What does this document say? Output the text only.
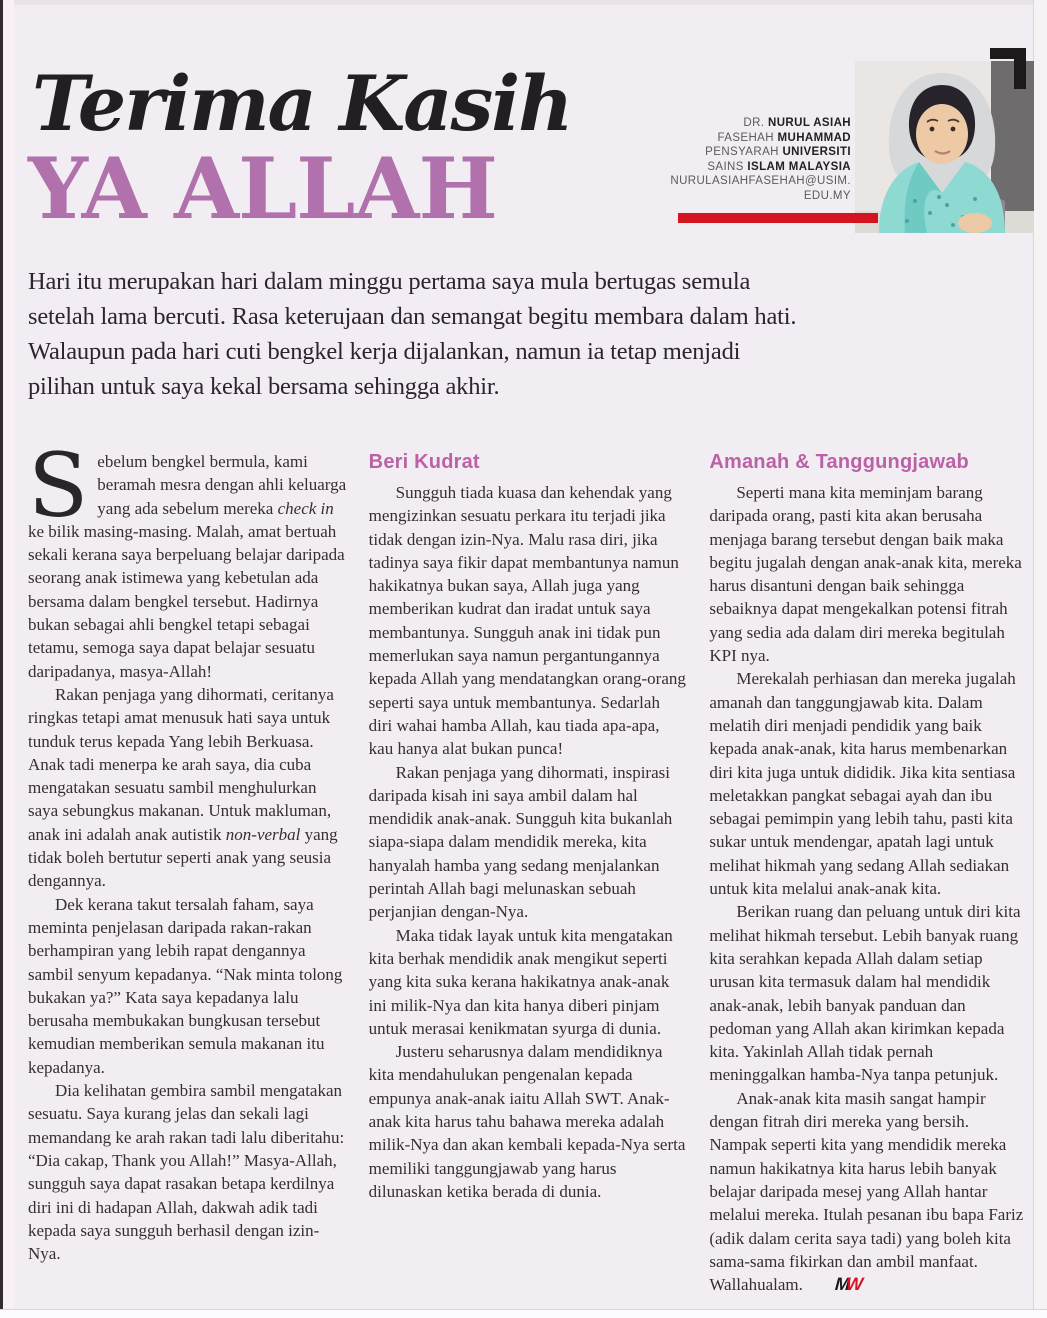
Terima Kasih
YA ALLAH
DR. NURUL ASIAH
FASEHAH MUHAMMAD
PENSYARAH UNIVERSITI
SAINS ISLAM MALAYSIA
NURULASIAHFASEHAH@USIM.
EDU.MY
Hari itu merupakan hari dalam minggu pertama saya mula bertugas semula setelah lama bercuti. Rasa keterujaan dan semangat begitu membara dalam hati. Walaupun pada hari cuti bengkel kerja dijalankan, namun ia tetap menjadi pilihan untuk saya kekal bersama sehingga akhir.

Sebelum bengkel bermula, kami beramah mesra dengan ahli keluarga yang ada sebelum mereka check in ke bilik masing-masing. Malah, amat bertuah sekali kerana saya berpeluang belajar daripada seorang anak istimewa yang kebetulan ada bersama dalam bengkel tersebut. Hadirnya bukan sebagai ahli bengkel tetapi sebagai tetamu, semoga saya dapat belajar sesuatu daripadanya, masya-Allah!

Rakan penjaga yang dihormati, ceritanya ringkas tetapi amat menusuk hati saya untuk tunduk terus kepada Yang lebih Berkuasa. Anak tadi menerpa ke arah saya, dia cuba mengatakan sesuatu sambil menghulurkan saya sebungkus makanan. Untuk makluman, anak ini adalah anak autistik non-verbal yang tidak boleh bertutur seperti anak yang seusia dengannya.

Dek kerana takut tersalah faham, saya meminta penjelasan daripada rakan-rakan berhampiran yang lebih rapat dengannya sambil senyum kepadanya. “Nak minta tolong bukakan ya?” Kata saya kepadanya lalu berusaha membukakan bungkusan tersebut kemudian memberikan semula makanan itu kepadanya.

Dia kelihatan gembira sambil mengatakan sesuatu. Saya kurang jelas dan sekali lagi memandang ke arah rakan tadi lalu diberitahu: “Dia cakap, Thank you Allah!” Masya-Allah, sungguh saya dapat rasakan betapa kerdilnya diri ini di hadapan Allah, dakwah adik tadi kepada saya sungguh berhasil dengan izin-Nya.

Beri Kudrat

Sungguh tiada kuasa dan kehendak yang mengizinkan sesuatu perkara itu terjadi jika tidak dengan izin-Nya. Malu rasa diri, jika tadinya saya fikir dapat membantunya namun hakikatnya bukan saya, Allah juga yang memberikan kudrat dan iradat untuk saya membantunya. Sungguh anak ini tidak pun memerlukan saya namun pergantungannya kepada Allah yang mendatangkan orang-orang seperti saya untuk membantunya. Sedarlah diri wahai hamba Allah, kau tiada apa-apa, kau hanya alat bukan punca!

Rakan penjaga yang dihormati, inspirasi daripada kisah ini saya ambil dalam hal mendidik anak-anak. Sungguh kita bukanlah siapa-siapa dalam mendidik mereka, kita hanyalah hamba yang sedang menjalankan perintah Allah bagi melunaskan sebuah perjanjian dengan-Nya.

Maka tidak layak untuk kita mengatakan kita berhak mendidik anak mengikut seperti yang kita suka kerana hakikatnya anak-anak ini milik-Nya dan kita hanya diberi pinjam untuk merasai kenikmatan syurga di dunia.

Justeru seharusnya dalam mendidiknya kita mendahulukan pengenalan kepada empunya anak-anak iaitu Allah SWT. Anak-anak kita harus tahu bahawa mereka adalah milik-Nya dan akan kembali kepada-Nya serta memiliki tanggungjawab yang harus dilunaskan ketika berada di dunia.

Amanah & Tanggungjawab

Seperti mana kita meminjam barang daripada orang, pasti kita akan berusaha menjaga barang tersebut dengan baik maka begitu jugalah dengan anak-anak kita, mereka harus disantuni dengan baik sehingga sebaiknya dapat mengekalkan potensi fitrah yang sedia ada dalam diri mereka begitulah KPI nya.

Merekalah perhiasan dan mereka jugalah amanah dan tanggungjawab kita. Dalam melatih diri menjadi pendidik yang baik kepada anak-anak, kita harus membenarkan diri kita juga untuk dididik. Jika kita sentiasa meletakkan pangkat sebagai ayah dan ibu sebagai pemimpin yang lebih tahu, pasti kita sukar untuk mendengar, apatah lagi untuk melihat hikmah yang sedang Allah sediakan untuk kita melalui anak-anak kita.

Berikan ruang dan peluang untuk diri kita melihat hikmah tersebut. Lebih banyak ruang kita serahkan kepada Allah dalam setiap urusan kita termasuk dalam hal mendidik anak-anak, lebih banyak panduan dan pedoman yang Allah akan kirimkan kepada kita. Yakinlah Allah tidak pernah meninggalkan hamba-Nya tanpa petunjuk.

Anak-anak kita masih sangat hampir dengan fitrah diri mereka yang bersih. Nampak seperti kita yang mendidik mereka namun hakikatnya kita harus lebih banyak belajar daripada mesej yang Allah hantar melalui mereka. Itulah pesanan ibu bapa Fariz (adik dalam cerita saya tadi) yang boleh kita sama-sama fikirkan dan ambil manfaat. Wallahualam. MW
